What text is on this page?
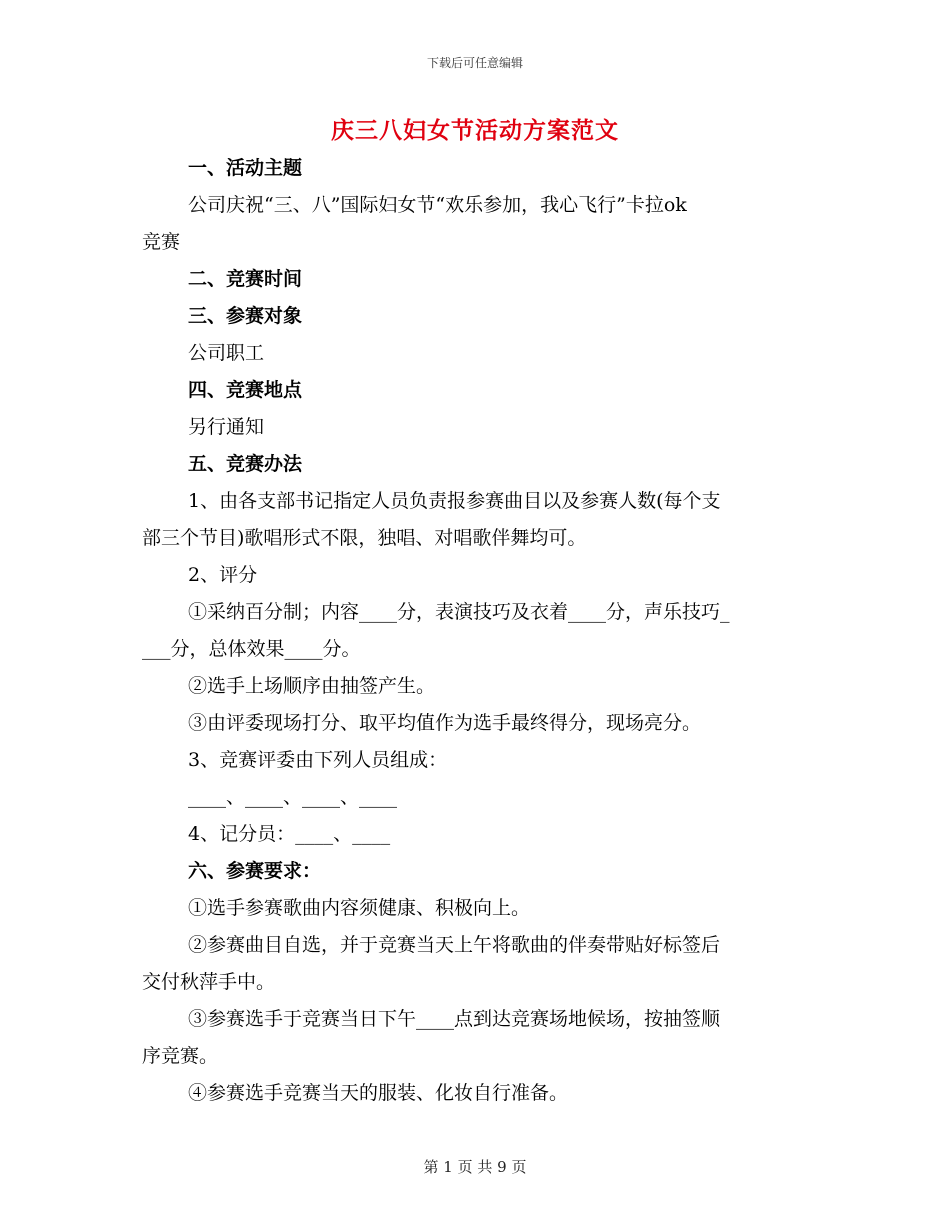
下载后可任意编辑
庆三八妇女节活动方案范文
一、活动主题
公司庆祝“三、八”国际妇女节“欢乐参加，我心飞行”卡拉ok
竞赛
二、竞赛时间
三、参赛对象
公司职工
四、竞赛地点
另行通知
五、竞赛办法
1、由各支部书记指定人员负责报参赛曲目以及参赛人数(每个支
部三个节目)歌唱形式不限，独唱、对唱歌伴舞均可。
2、评分
①采纳百分制；内容____分，表演技巧及衣着____分，声乐技巧_
___分，总体效果____分。
②选手上场顺序由抽签产生。
③由评委现场打分、取平均值作为选手最终得分，现场亮分。
3、竞赛评委由下列人员组成：
____、____、____、____
4、记分员：____、____
六、参赛要求：
①选手参赛歌曲内容须健康、积极向上。
②参赛曲目自选，并于竞赛当天上午将歌曲的伴奏带贴好标签后
交付秋萍手中。
③参赛选手于竞赛当日下午____点到达竞赛场地候场，按抽签顺
序竞赛。
④参赛选手竞赛当天的服装、化妆自行准备。
第 1 页 共 9 页
